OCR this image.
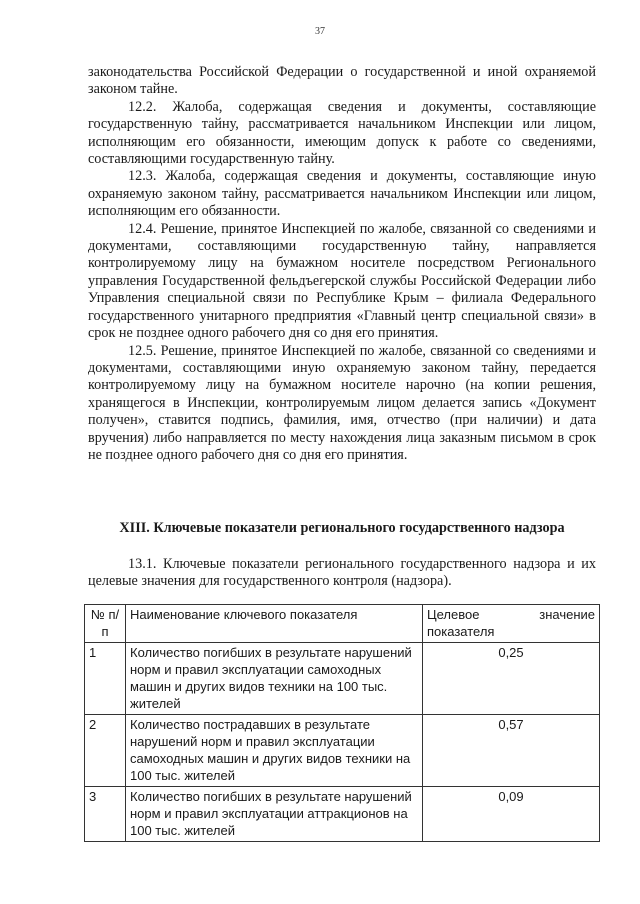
37

законодательства Российской Федерации о государственной и иной охраняемой законом тайне.

12.2. Жалоба, содержащая сведения и документы, составляющие государственную тайну, рассматривается начальником Инспекции или лицом, исполняющим его обязанности, имеющим допуск к работе со сведениями, составляющими государственную тайну.

12.3. Жалоба, содержащая сведения и документы, составляющие иную охраняемую законом тайну, рассматривается начальником Инспекции или лицом, исполняющим его обязанности.

12.4. Решение, принятое Инспекцией по жалобе, связанной со сведениями и документами, составляющими государственную тайну, направляется контролируемому лицу на бумажном носителе посредством Регионального управления Государственной фельдъегерской службы Российской Федерации либо Управления специальной связи по Республике Крым – филиала Федерального государственного унитарного предприятия «Главный центр специальной связи» в срок не позднее одного рабочего дня со дня его принятия.

12.5. Решение, принятое Инспекцией по жалобе, связанной со сведениями и документами, составляющими иную охраняемую законом тайну, передается контролируемому лицу на бумажном носителе нарочно (на копии решения, хранящегося в Инспекции, контролируемым лицом делается запись «Документ получен», ставится подпись, фамилия, имя, отчество (при наличии) и дата вручения) либо направляется по месту нахождения лица заказным письмом в срок не позднее одного рабочего дня со дня его принятия.

XIII. Ключевые показатели регионального государственного надзора

13.1. Ключевые показатели регионального государственного надзора и их целевые значения для государственного контроля (надзора).

№ п/п	Наименование ключевого показателя	Целевое значение показателя

1	Количество погибших в результате нарушений норм и правил эксплуатации самоходных машин и других видов техники на 100 тыс. жителей	0,25
2	Количество пострадавших в результате нарушений норм и правил эксплуатации самоходных машин и других видов техники на 100 тыс. жителей	0,57
3	Количество погибших в результате нарушений норм и правил эксплуатации аттракционов на 100 тыс. жителей	0,09
